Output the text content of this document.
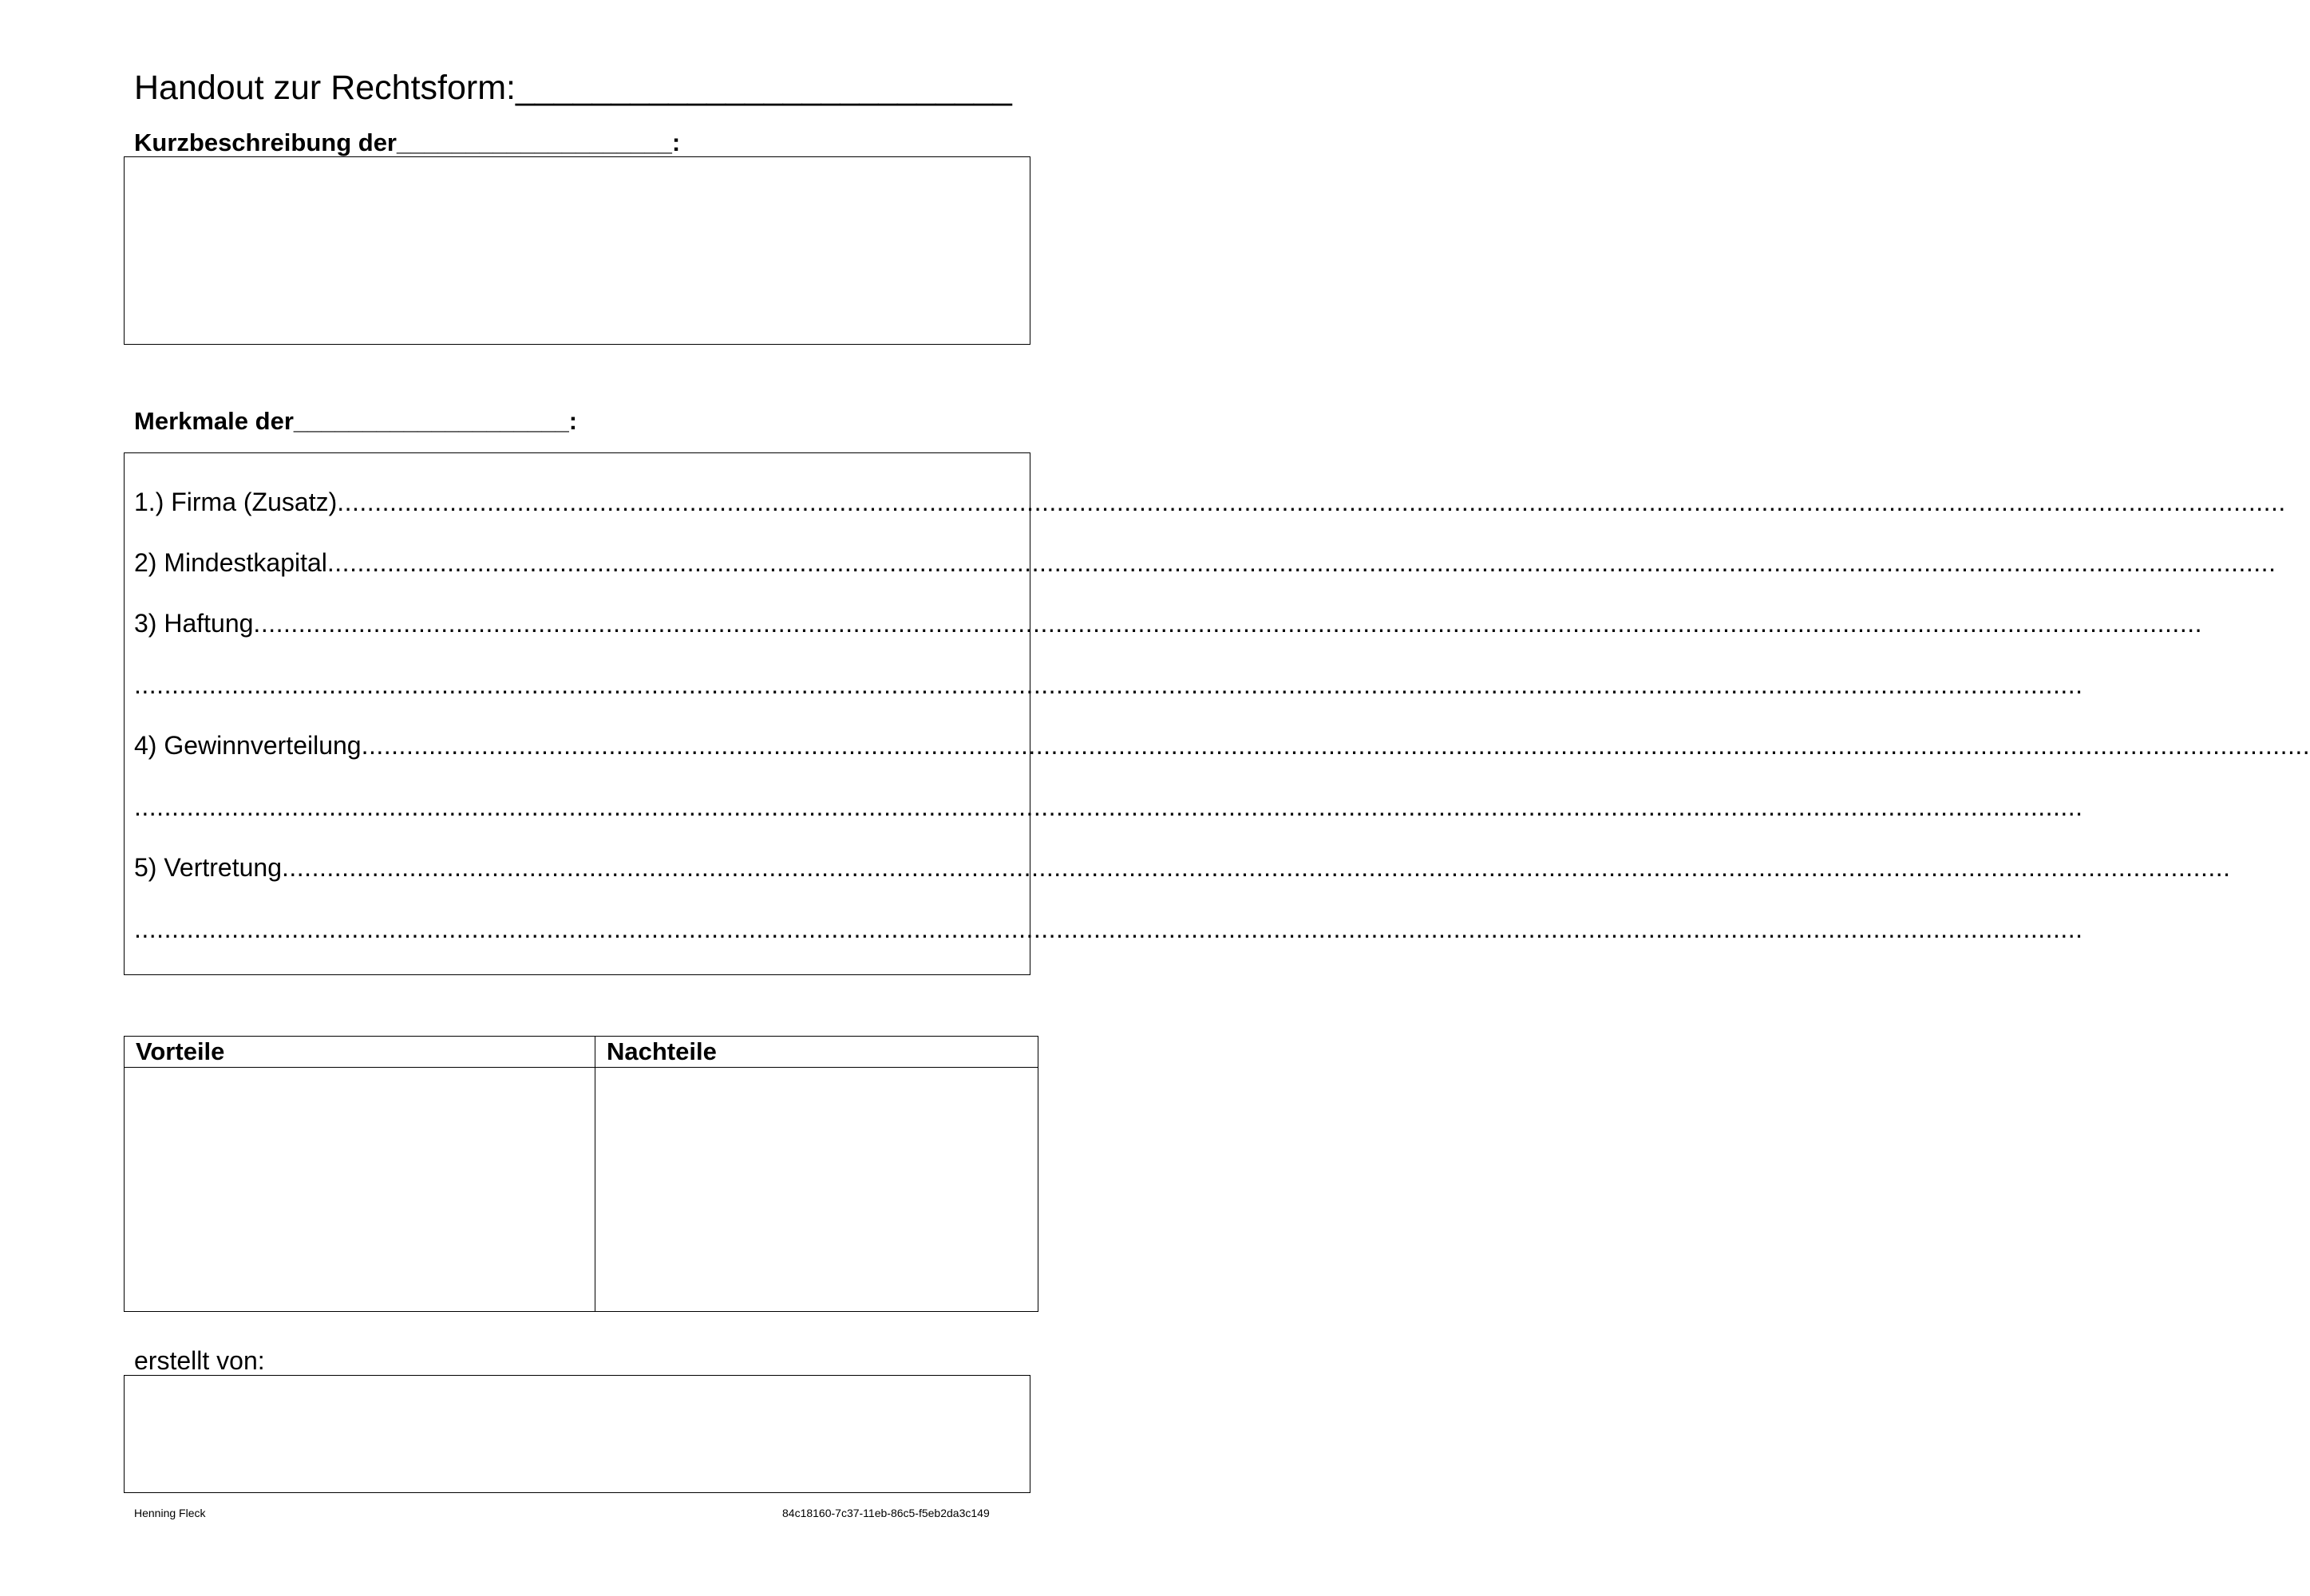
Handout zur Rechtsform:__________________________
Kurzbeschreibung der____________________:
Merkmale der____________________:
1.) Firma (Zusatz) ....................................................................................................................................................................................................................................................................
2) Mindestkapital ....................................................................................................................................................................................................................................................................
3) Haftung ....................................................................................................................................................................................................................................................................
....................................................................................................................................................................................................................................................................
4) Gewinnverteilung ....................................................................................................................................................................................................................................................................
....................................................................................................................................................................................................................................................................
5) Vertretung ....................................................................................................................................................................................................................................................................
....................................................................................................................................................................................................................................................................
Vorteile	Nachteile

erstellt von:
Henning Fleck	84c18160-7c37-11eb-86c5-f5eb2da3c149
